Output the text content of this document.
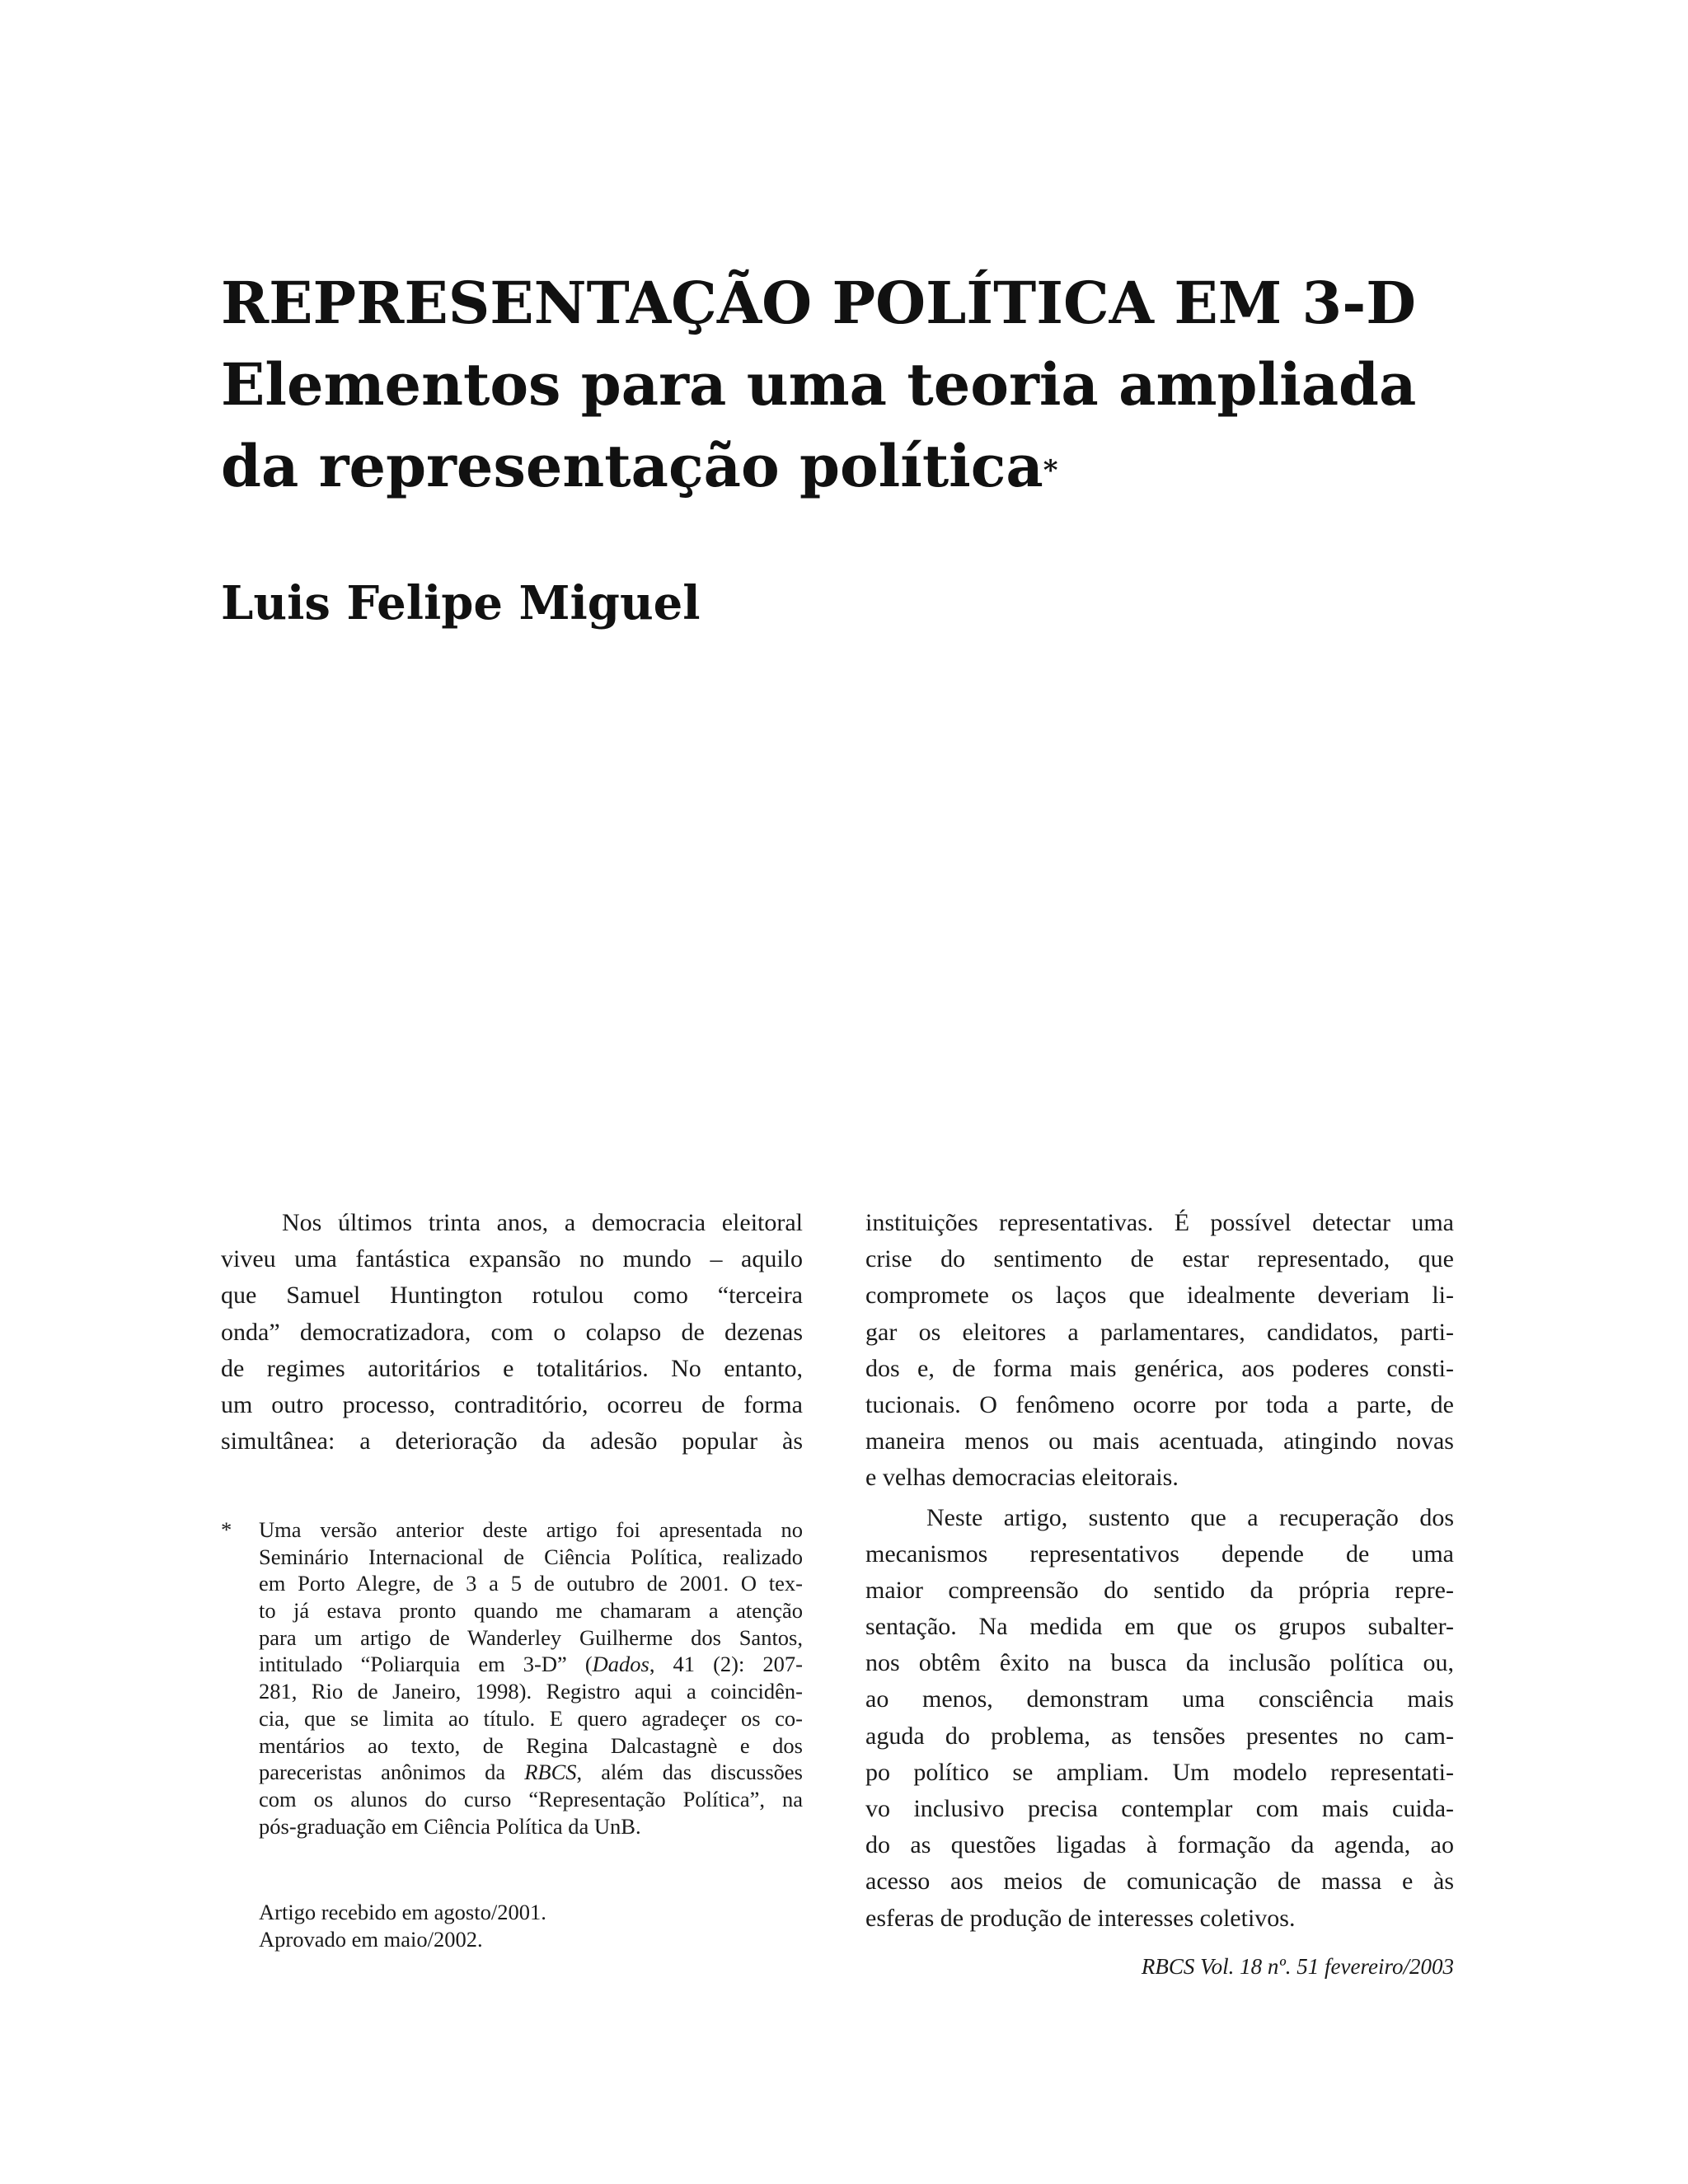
REPRESENTAÇÃO POLÍTICA EM 3-D
Elementos para uma teoria ampliada
da representação política*
Luis Felipe Miguel
Nos últimos trinta anos, a democracia eleitoral
viveu uma fantástica expansão no mundo – aquilo
que Samuel Huntington rotulou como “terceira
onda” democratizadora, com o colapso de dezenas
de regimes autoritários e totalitários. No entanto,
um outro processo, contraditório, ocorreu de forma
simultânea: a deterioração da adesão popular às
* Uma versão anterior deste artigo foi apresentada no
Seminário Internacional de Ciência Política, realizado
em Porto Alegre, de 3 a 5 de outubro de 2001. O tex-
to já estava pronto quando me chamaram a atenção
para um artigo de Wanderley Guilherme dos Santos,
intitulado “Poliarquia em 3-D” (Dados, 41 (2): 207-
281, Rio de Janeiro, 1998). Registro aqui a coincidên-
cia, que se limita ao título. E quero agradeçer os co-
mentários ao texto, de Regina Dalcastagnè e dos
pareceristas anônimos da RBCS, além das discussões
com os alunos do curso “Representação Política”, na
pós-graduação em Ciência Política da UnB.
Artigo recebido em agosto/2001.
Aprovado em maio/2002.
instituições representativas. É possível detectar uma
crise do sentimento de estar representado, que
compromete os laços que idealmente deveriam li-
gar os eleitores a parlamentares, candidatos, parti-
dos e, de forma mais genérica, aos poderes consti-
tucionais. O fenômeno ocorre por toda a parte, de
maneira menos ou mais acentuada, atingindo novas
e velhas democracias eleitorais.
Neste artigo, sustento que a recuperação dos
mecanismos representativos depende de uma
maior compreensão do sentido da própria repre-
sentação. Na medida em que os grupos subalter-
nos obtêm êxito na busca da inclusão política ou,
ao menos, demonstram uma consciência mais
aguda do problema, as tensões presentes no cam-
po político se ampliam. Um modelo representati-
vo inclusivo precisa contemplar com mais cuida-
do as questões ligadas à formação da agenda, ao
acesso aos meios de comunicação de massa e às
esferas de produção de interesses coletivos.
RBCS Vol. 18 nº. 51 fevereiro/2003
